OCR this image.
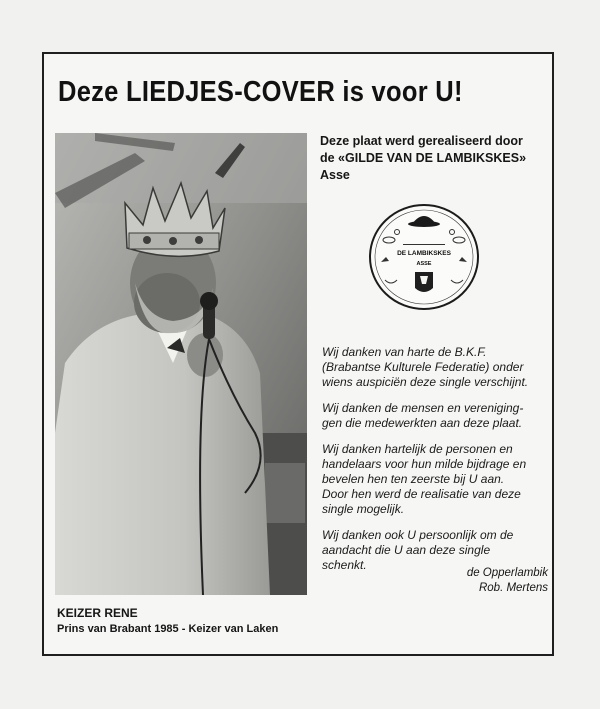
Deze LIEDJES-COVER is voor U!
Deze plaat werd gerealiseerd door
de «GILDE VAN DE LAMBIKSKES»
Asse
DE LAMBIKSKES
ASSE

Wij danken van harte de B.K.F.
(Brabantse Kulturele Federatie) onder
wiens auspiciën deze single verschijnt.

Wij danken de mensen en vereniging-
gen die medewerkten aan deze plaat.

Wij danken hartelijk de personen en
handelaars voor hun milde bijdrage en
bevelen hen ten zeerste bij U aan.
Door hen werd de realisatie van deze
single mogelijk.

Wij danken ook U persoonlijk om de
aandacht die U aan deze single
schenkt.

de Opperlambik
Rob. Mertens
KEIZER RENE
Prins van Brabant 1985 - Keizer van Laken
